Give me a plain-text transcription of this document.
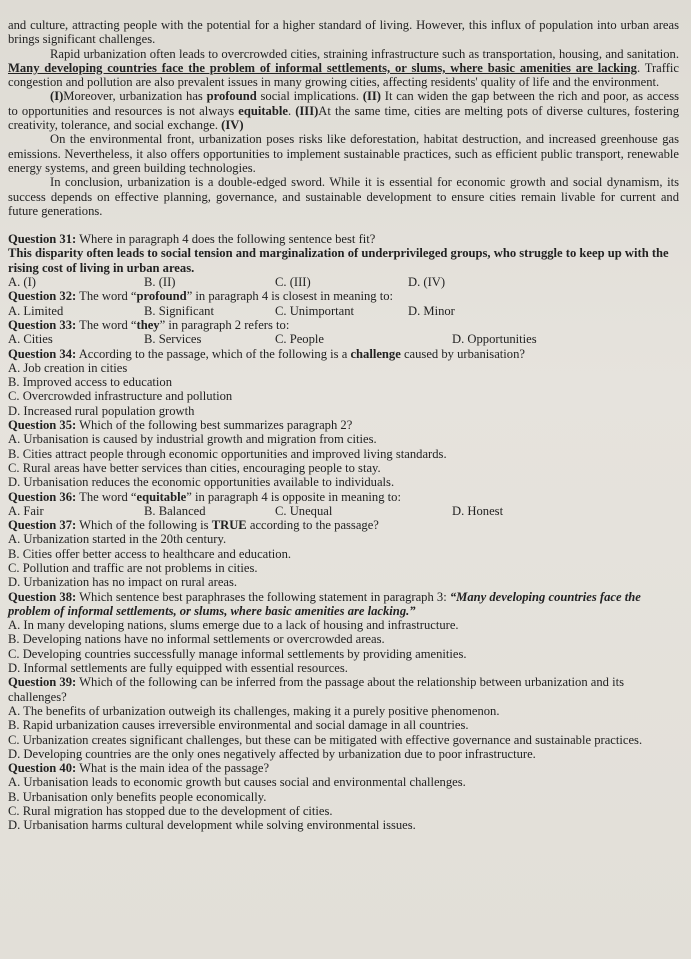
and culture, attracting people with the potential for a higher standard of living. However, this influx of population into urban areas brings significant challenges.

Rapid urbanization often leads to overcrowded cities, straining infrastructure such as transportation, housing, and sanitation. Many developing countries face the problem of informal settlements, or slums, where basic amenities are lacking. Traffic congestion and pollution are also prevalent issues in many growing cities, affecting residents' quality of life and the environment.

(I)Moreover, urbanization has profound social implications. (II) It can widen the gap between the rich and poor, as access to opportunities and resources is not always equitable. (III)At the same time, cities are melting pots of diverse cultures, fostering creativity, tolerance, and social exchange. (IV)

On the environmental front, urbanization poses risks like deforestation, habitat destruction, and increased greenhouse gas emissions. Nevertheless, it also offers opportunities to implement sustainable practices, such as efficient public transport, renewable energy systems, and green building technologies.

In conclusion, urbanization is a double-edged sword. While it is essential for economic growth and social dynamism, its success depends on effective planning, governance, and sustainable development to ensure cities remain livable for current and future generations.

Question 31: Where in paragraph 4 does the following sentence best fit?

This disparity often leads to social tension and marginalization of underprivileged groups, who struggle to keep up with the rising cost of living in urban areas.

A. (I)	B. (II)	C. (III)	D. (IV)

Question 32: The word “profound” in paragraph 4 is closest in meaning to:

A. Limited	B. Significant	C. Unimportant	D. Minor

Question 33: The word “they” in paragraph 2 refers to:

A. Cities	B. Services	C. People	D. Opportunities

Question 34: According to the passage, which of the following is a challenge caused by urbanisation?

A. Job creation in cities

B. Improved access to education

C. Overcrowded infrastructure and pollution

D. Increased rural population growth

Question 35: Which of the following best summarizes paragraph 2?

A. Urbanisation is caused by industrial growth and migration from cities.

B. Cities attract people through economic opportunities and improved living standards.

C. Rural areas have better services than cities, encouraging people to stay.

D. Urbanisation reduces the economic opportunities available to individuals.

Question 36: The word “equitable” in paragraph 4 is opposite in meaning to:

A. Fair	B. Balanced	C. Unequal	D. Honest

Question 37: Which of the following is TRUE according to the passage?

A. Urbanization started in the 20th century.

B. Cities offer better access to healthcare and education.

C. Pollution and traffic are not problems in cities.

D. Urbanization has no impact on rural areas.

Question 38: Which sentence best paraphrases the following statement in paragraph 3: “Many developing countries face the problem of informal settlements, or slums, where basic amenities are lacking.”

A. In many developing nations, slums emerge due to a lack of housing and infrastructure.

B. Developing nations have no informal settlements or overcrowded areas.

C. Developing countries successfully manage informal settlements by providing amenities.

D. Informal settlements are fully equipped with essential resources.

Question 39: Which of the following can be inferred from the passage about the relationship between urbanization and its challenges?

A. The benefits of urbanization outweigh its challenges, making it a purely positive phenomenon.

B. Rapid urbanization causes irreversible environmental and social damage in all countries.

C. Urbanization creates significant challenges, but these can be mitigated with effective governance and sustainable practices.

D. Developing countries are the only ones negatively affected by urbanization due to poor infrastructure.

Question 40: What is the main idea of the passage?

A. Urbanisation leads to economic growth but causes social and environmental challenges.

B. Urbanisation only benefits people economically.

C. Rural migration has stopped due to the development of cities.

D. Urbanisation harms cultural development while solving environmental issues.
